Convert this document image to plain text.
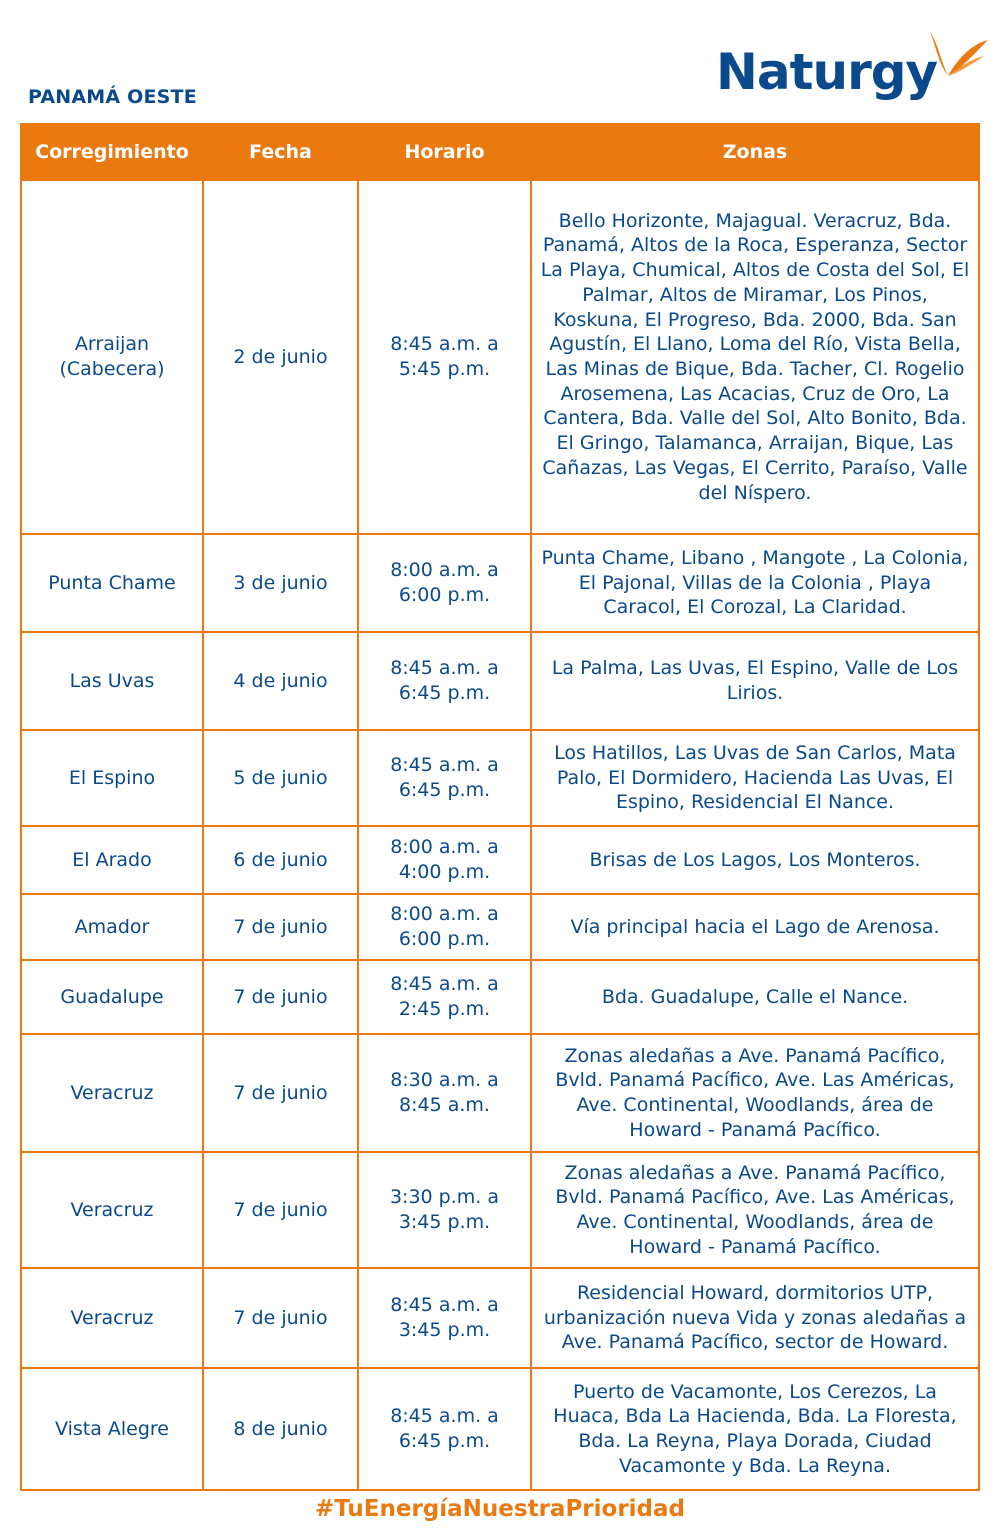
PANAMÁ OESTE	Naturgy
Corregimiento	Fecha	Horario	Zonas
Arraijan (Cabecera)	2 de junio	8:45 a.m. a 5:45 p.m.	Bello Horizonte, Majagual. Veracruz, Bda. Panamá, Altos de la Roca, Esperanza, Sector La Playa, Chumical, Altos de Costa del Sol, El Palmar, Altos de Miramar, Los Pinos, Koskuna, El Progreso, Bda. 2000, Bda. San Agustín, El Llano, Loma del Río, Vista Bella, Las Minas de Bique, Bda. Tacher, Cl. Rogelio Arosemena, Las Acacias, Cruz de Oro, La Cantera, Bda. Valle del Sol, Alto Bonito, Bda. El Gringo, Talamanca, Arraijan, Bique, Las Cañazas, Las Vegas, El Cerrito, Paraíso, Valle del Níspero.
Punta Chame	3 de junio	8:00 a.m. a 6:00 p.m.	Punta Chame, Libano , Mangote , La Colonia, El Pajonal, Villas de la Colonia , Playa Caracol, El Corozal, La Claridad.
Las Uvas	4 de junio	8:45 a.m. a 6:45 p.m.	La Palma, Las Uvas, El Espino, Valle de Los Lirios.
El Espino	5 de junio	8:45 a.m. a 6:45 p.m.	Los Hatillos, Las Uvas de San Carlos, Mata Palo, El Dormidero, Hacienda Las Uvas, El Espino, Residencial El Nance.
El Arado	6 de junio	8:00 a.m. a 4:00 p.m.	Brisas de Los Lagos, Los Monteros.
Amador	7 de junio	8:00 a.m. a 6:00 p.m.	Vía principal hacia el Lago de Arenosa.
Guadalupe	7 de junio	8:45 a.m. a 2:45 p.m.	Bda. Guadalupe, Calle el Nance.
Veracruz	7 de junio	8:30 a.m. a 8:45 a.m.	Zonas aledañas a Ave. Panamá Pacífico, Bvld. Panamá Pacífico, Ave. Las Américas, Ave. Continental, Woodlands, área de Howard - Panamá Pacífico.
Veracruz	7 de junio	3:30 p.m. a 3:45 p.m.	Zonas aledañas a Ave. Panamá Pacífico, Bvld. Panamá Pacífico, Ave. Las Américas, Ave. Continental, Woodlands, área de Howard - Panamá Pacífico.
Veracruz	7 de junio	8:45 a.m. a 3:45 p.m.	Residencial Howard, dormitorios UTP, urbanización nueva Vida y zonas aledañas a Ave. Panamá Pacífico, sector de Howard.
Vista Alegre	8 de junio	8:45 a.m. a 6:45 p.m.	Puerto de Vacamonte, Los Cerezos, La Huaca, Bda La Hacienda, Bda. La Floresta, Bda. La Reyna, Playa Dorada, Ciudad Vacamonte y Bda. La Reyna.
#TuEnergíaNuestraPrioridad
